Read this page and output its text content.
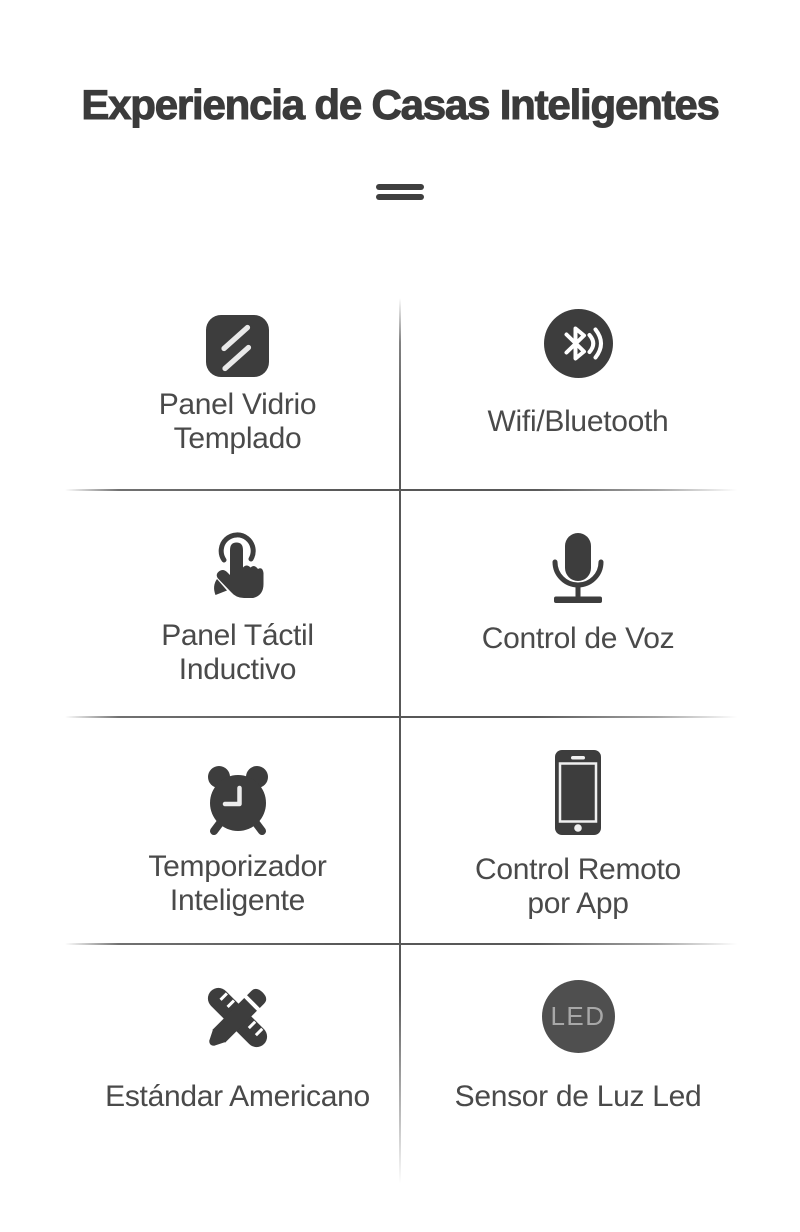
Experiencia de Casas Inteligentes
Panel Vidrio
Templado
Wifi/Bluetooth
Panel Táctil
Inductivo
Control de Voz
Temporizador
Inteligente
Control Remoto
por App
Estándar Americano
LED
Sensor de Luz Led
